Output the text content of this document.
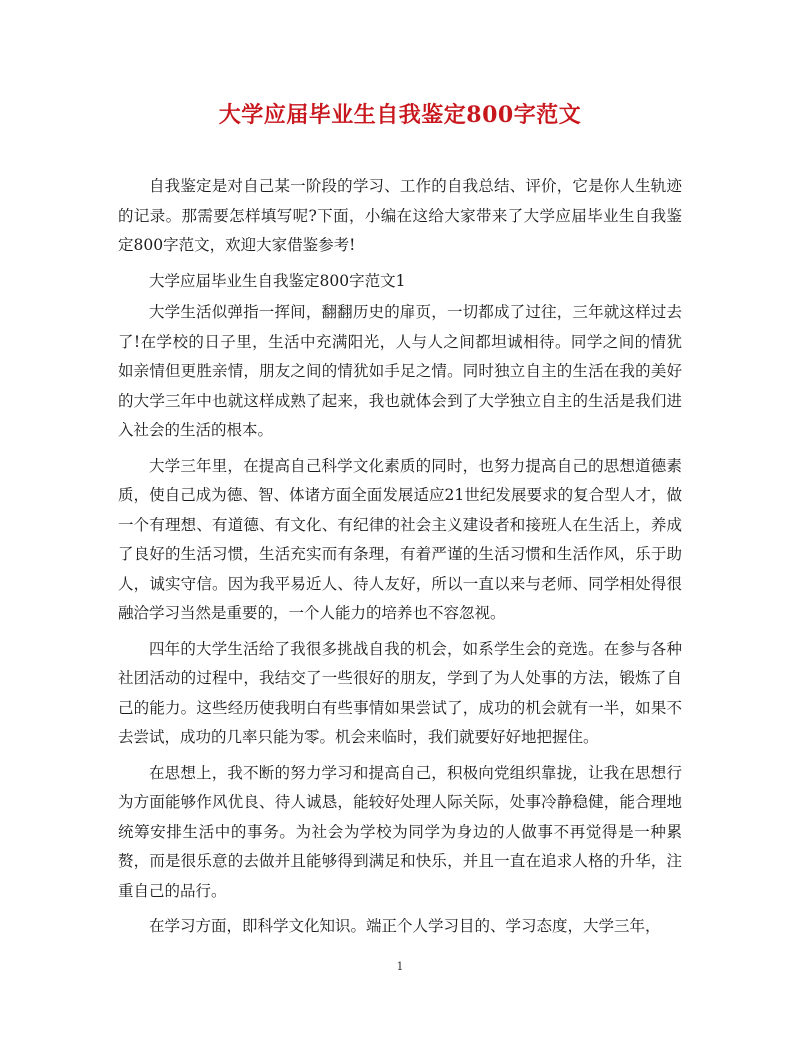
大学应届毕业生自我鉴定800字范文

自我鉴定是对自己某一阶段的学习、工作的自我总结、评价，它是你人生轨迹的记录。那需要怎样填写呢?下面，小编在这给大家带来了大学应届毕业生自我鉴定800字范文，欢迎大家借鉴参考!

大学应届毕业生自我鉴定800字范文1

大学生活似弹指一挥间，翻翻历史的扉页，一切都成了过往，三年就这样过去了!在学校的日子里，生活中充满阳光，人与人之间都坦诚相待。同学之间的情犹如亲情但更胜亲情，朋友之间的情犹如手足之情。同时独立自主的生活在我的美好的大学三年中也就这样成熟了起来，我也就体会到了大学独立自主的生活是我们进入社会的生活的根本。

大学三年里，在提高自己科学文化素质的同时，也努力提高自己的思想道德素质，使自己成为德、智、体诸方面全面发展适应21世纪发展要求的复合型人才，做一个有理想、有道德、有文化、有纪律的社会主义建设者和接班人在生活上，养成了良好的生活习惯，生活充实而有条理，有着严谨的生活习惯和生活作风，乐于助人，诚实守信。因为我平易近人、待人友好，所以一直以来与老师、同学相处得很融洽学习当然是重要的，一个人能力的培养也不容忽视。

四年的大学生活给了我很多挑战自我的机会，如系学生会的竞选。在参与各种社团活动的过程中，我结交了一些很好的朋友，学到了为人处事的方法，锻炼了自己的能力。这些经历使我明白有些事情如果尝试了，成功的机会就有一半，如果不去尝试，成功的几率只能为零。机会来临时，我们就要好好地把握住。

在思想上，我不断的努力学习和提高自己，积极向党组织靠拢，让我在思想行为方面能够作风优良、待人诚恳，能较好处理人际关际，处事冷静稳健，能合理地统筹安排生活中的事务。为社会为学校为同学为身边的人做事不再觉得是一种累赘，而是很乐意的去做并且能够得到满足和快乐，并且一直在追求人格的升华，注重自己的品行。

在学习方面，即科学文化知识。端正个人学习目的、学习态度，大学三年，

1
